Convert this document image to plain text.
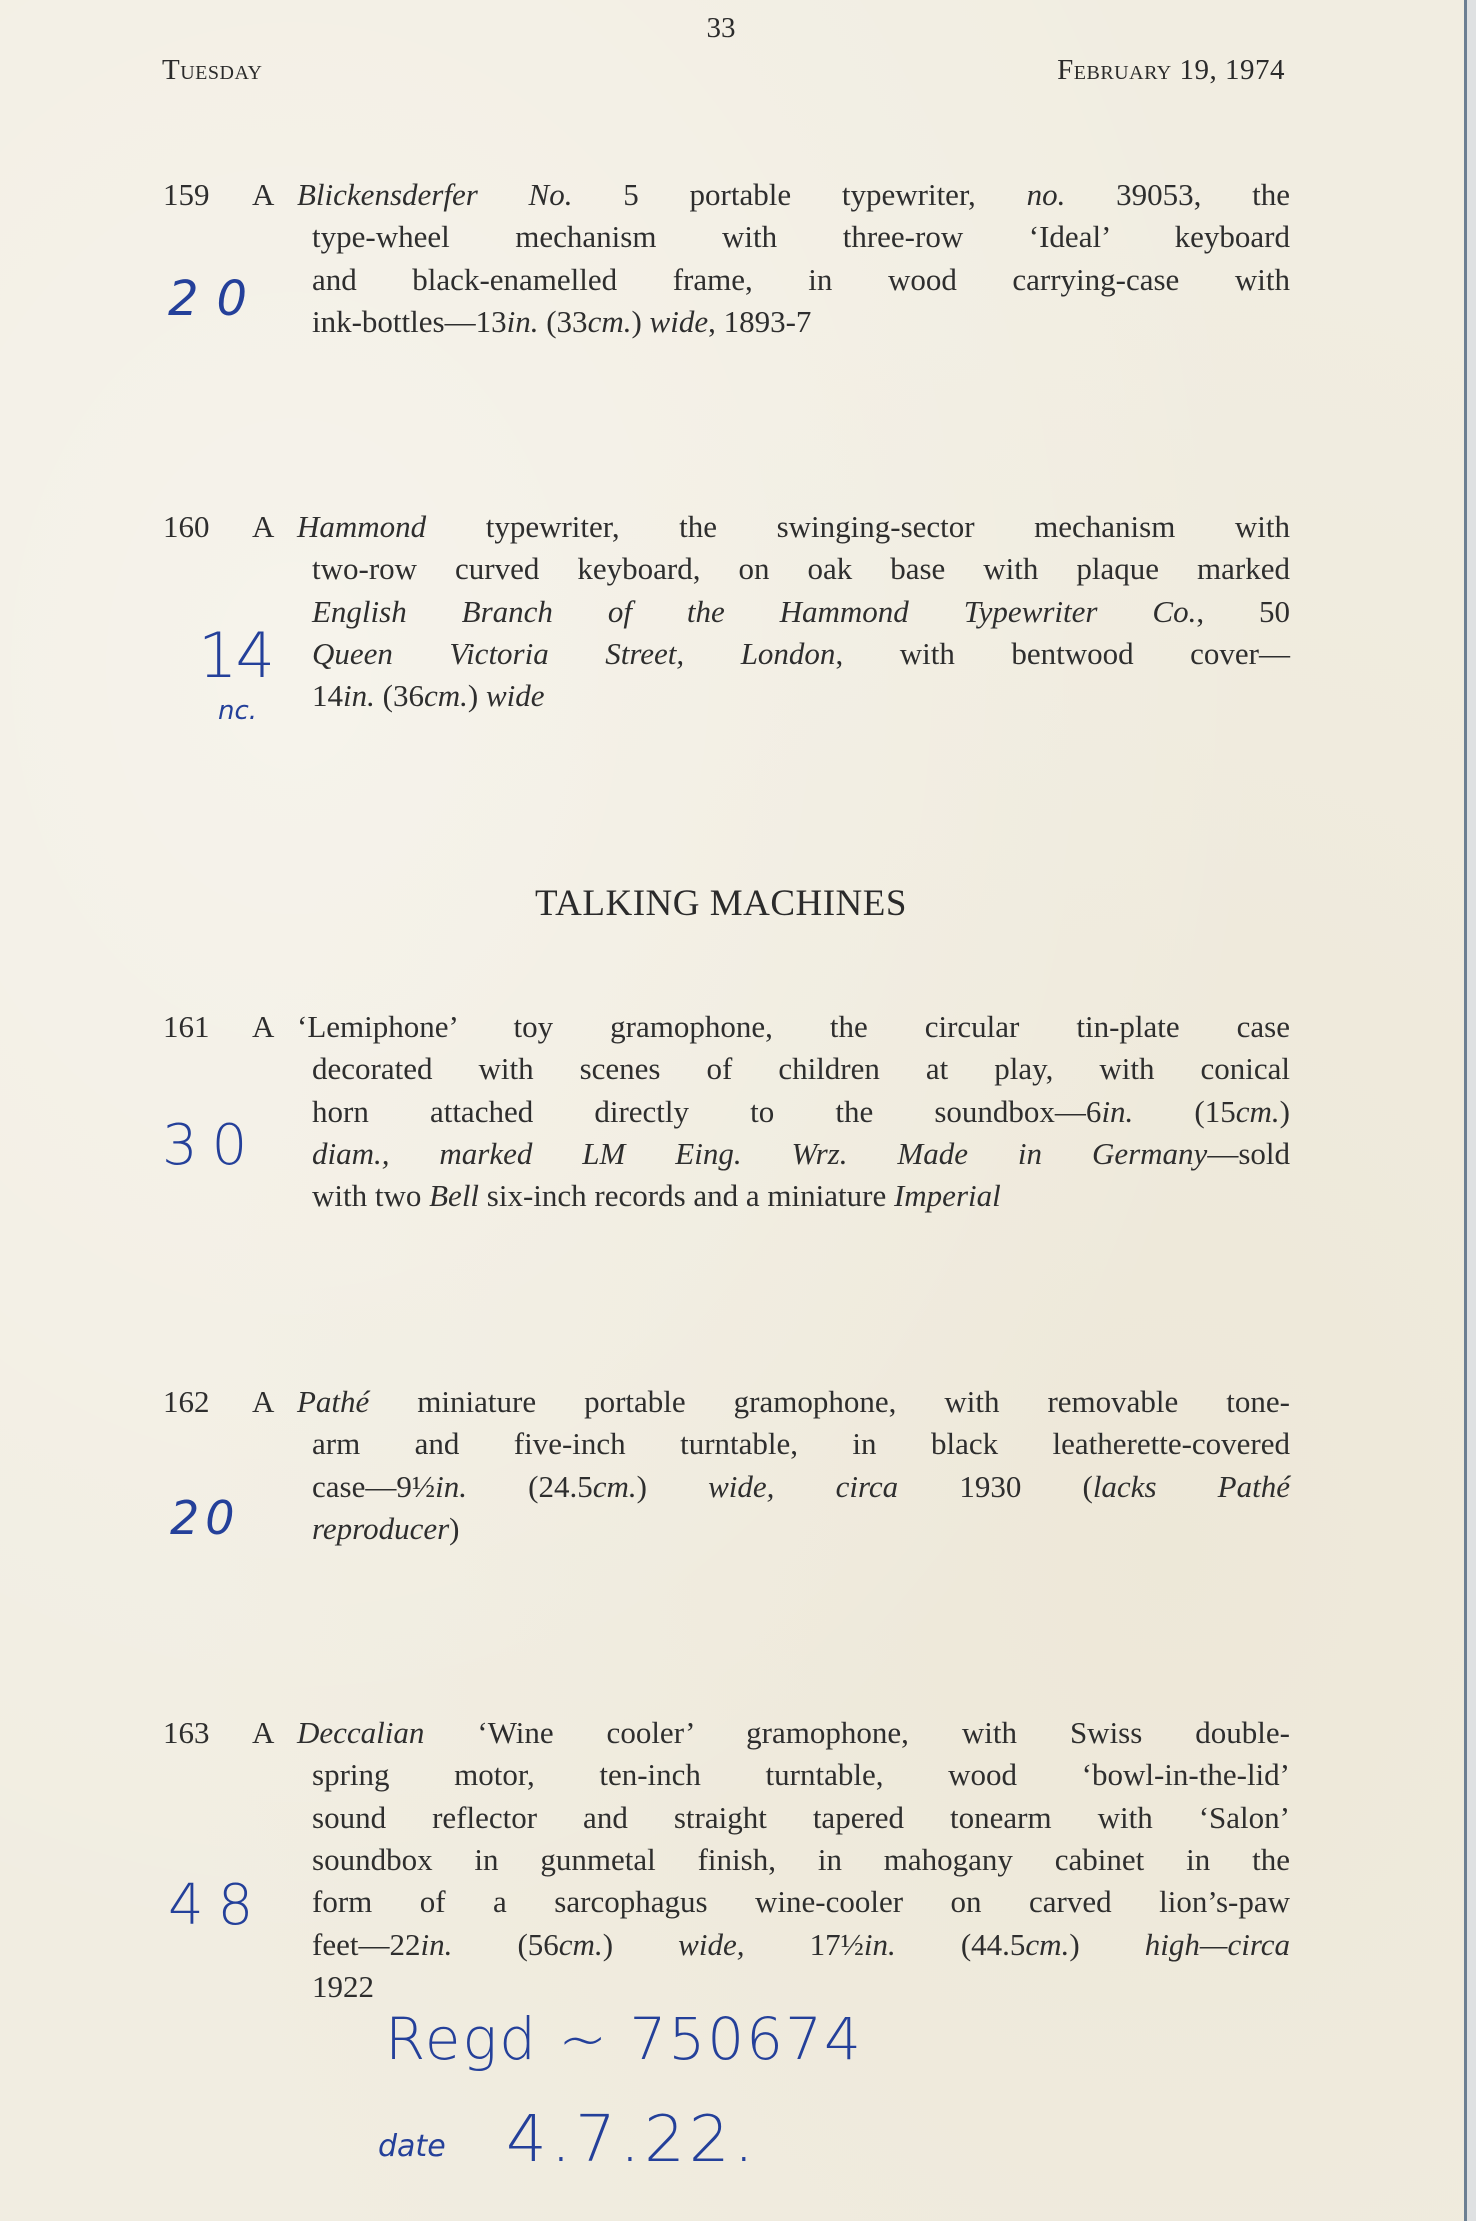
33
Tuesday	February 19, 1974
TALKING MACHINES
159 A Blickensderfer No. 5 portable typewriter, no. 39053, the
type-wheel mechanism with three-row ‘Ideal’ keyboard
and black-enamelled frame, in wood carrying-case with
ink-bottles—13in. (33cm.) wide, 1893-7
160 A Hammond typewriter, the swinging-sector mechanism with
two-row curved keyboard, on oak base with plaque marked
English Branch of the Hammond Typewriter Co., 50
Queen Victoria Street, London, with bentwood cover—
14in. (36cm.) wide
161 A ‘Lemiphone’ toy gramophone, the circular tin-plate case
decorated with scenes of children at play, with conical
horn attached directly to the soundbox—6in. (15cm.)
diam., marked LM Eing. Wrz. Made in Germany—sold
with two Bell six-inch records and a miniature Imperial
162 A Pathé miniature portable gramophone, with removable tone-
arm and five-inch turntable, in black leatherette-covered
case—9½in. (24.5cm.) wide, circa 1930 (lacks Pathé
reproducer)
163 A Deccalian ‘Wine cooler’ gramophone, with Swiss double-
spring motor, ten-inch turntable, wood ‘bowl-in-the-lid’
sound reflector and straight tapered tonearm with ‘Salon’
soundbox in gunmetal finish, in mahogany cabinet in the
form of a sarcophagus wine-cooler on carved lion’s-paw
feet—22in. (56cm.) wide, 17½in. (44.5cm.) high—circa
1922
20
14
nc.
30
20
48
Regd ~ 750674
date 4.7.22.
